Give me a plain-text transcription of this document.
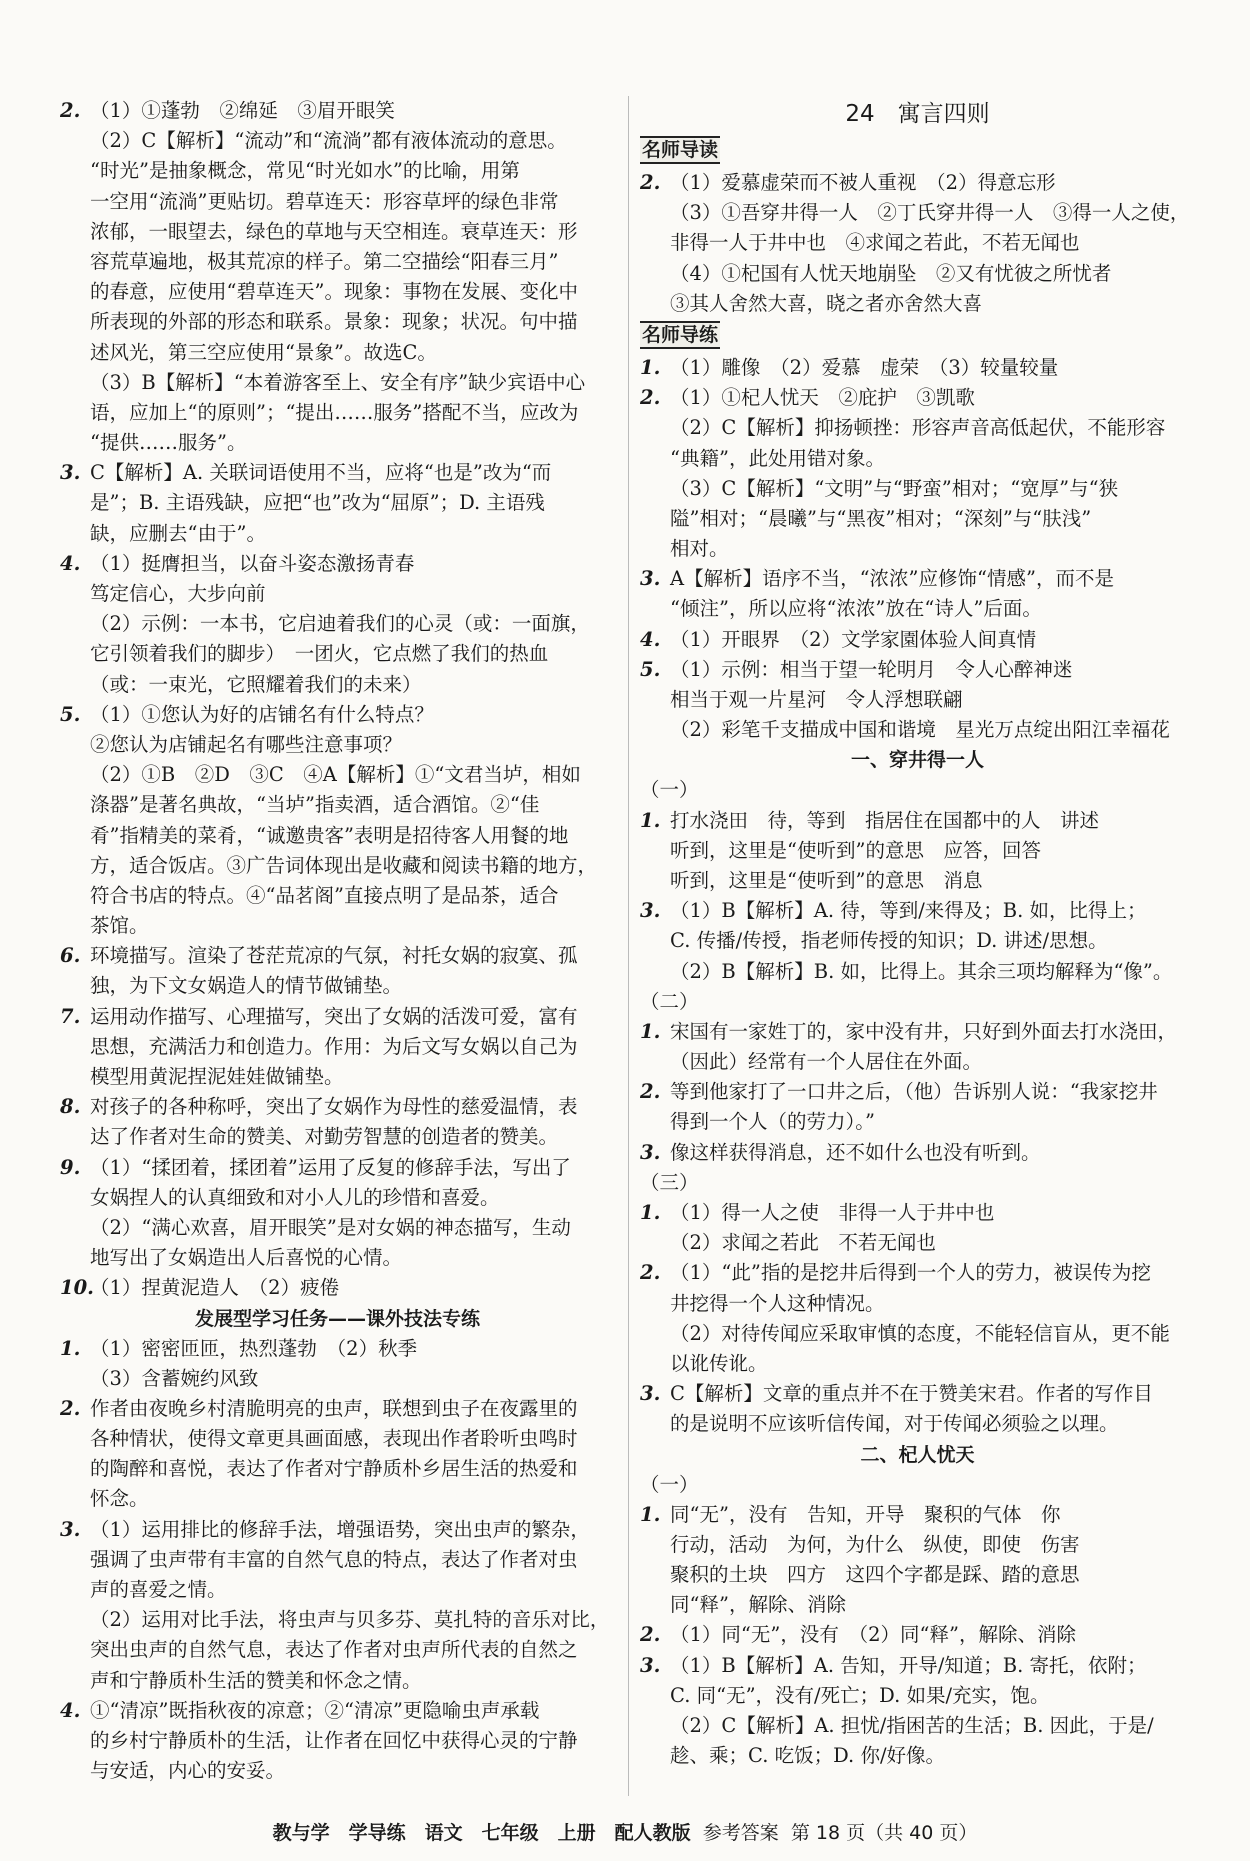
2. （1）①蓬勃　②绵延　③眉开眼笑
（2）C【解析】“流动”和“流淌”都有液体流动的意思。
“时光”是抽象概念，常见“时光如水”的比喻，用第
一空用“流淌”更贴切。碧草连天：形容草坪的绿色非常
浓郁，一眼望去，绿色的草地与天空相连。衰草连天：形
容荒草遍地，极其荒凉的样子。第二空描绘“阳春三月”
的春意，应使用“碧草连天”。现象：事物在发展、变化中
所表现的外部的形态和联系。景象：现象；状况。句中描
述风光，第三空应使用“景象”。故选C。
（3）B【解析】“本着游客至上、安全有序”缺少宾语中心
语，应加上“的原则”；“提出……服务”搭配不当，应改为
“提供……服务”。
3. C【解析】A. 关联词语使用不当，应将“也是”改为“而
是”；B. 主语残缺，应把“也”改为“屈原”；D. 主语残
缺，应删去“由于”。
4. （1）挺膺担当，以奋斗姿态激扬青春
笃定信心，大步向前
（2）示例：一本书，它启迪着我们的心灵（或：一面旗，
它引领着我们的脚步）　一团火，它点燃了我们的热血
（或：一束光，它照耀着我们的未来）
5. （1）①您认为好的店铺名有什么特点？
②您认为店铺起名有哪些注意事项？
（2）①B　②D　③C　④A【解析】①“文君当垆，相如
涤器”是著名典故，“当垆”指卖酒，适合酒馆。②“佳
肴”指精美的菜肴，“诚邀贵客”表明是招待客人用餐的地
方，适合饭店。③广告词体现出是收藏和阅读书籍的地方，
符合书店的特点。④“品茗阁”直接点明了是品茶，适合
茶馆。
6. 环境描写。渲染了苍茫荒凉的气氛，衬托女娲的寂寞、孤
独，为下文女娲造人的情节做铺垫。
7. 运用动作描写、心理描写，突出了女娲的活泼可爱，富有
思想，充满活力和创造力。作用：为后文写女娲以自己为
模型用黄泥捏泥娃娃做铺垫。
8. 对孩子的各种称呼，突出了女娲作为母性的慈爱温情，表
达了作者对生命的赞美、对勤劳智慧的创造者的赞美。
9. （1）“揉团着，揉团着”运用了反复的修辞手法，写出了
女娲捏人的认真细致和对小人儿的珍惜和喜爱。
（2）“满心欢喜，眉开眼笑”是对女娲的神态描写，生动
地写出了女娲造出人后喜悦的心情。
10.（1）捏黄泥造人　（2）疲倦
发展型学习任务——课外技法专练
1. （1）密密匝匝，热烈蓬勃　（2）秋季
（3）含蓄婉约风致
2. 作者由夜晚乡村清脆明亮的虫声，联想到虫子在夜露里的
各种情状，使得文章更具画面感，表现出作者聆听虫鸣时
的陶醉和喜悦，表达了作者对宁静质朴乡居生活的热爱和
怀念。
3. （1）运用排比的修辞手法，增强语势，突出虫声的繁杂，
强调了虫声带有丰富的自然气息的特点，表达了作者对虫
声的喜爱之情。
（2）运用对比手法，将虫声与贝多芬、莫扎特的音乐对比，
突出虫声的自然气息，表达了作者对虫声所代表的自然之
声和宁静质朴生活的赞美和怀念之情。
4. ①“清凉”既指秋夜的凉意；②“清凉”更隐喻虫声承载
的乡村宁静质朴的生活，让作者在回忆中获得心灵的宁静
与安适，内心的安妥。
24　寓言四则
名师导读
2. （1）爱慕虚荣而不被人重视　（2）得意忘形
（3）①吾穿井得一人　②丁氏穿井得一人　③得一人之使，
非得一人于井中也　④求闻之若此，不若无闻也
（4）①杞国有人忧天地崩坠　②又有忧彼之所忧者
③其人舍然大喜，晓之者亦舍然大喜
名师导练
1. （1）雕像　（2）爱慕　虚荣　（3）较量较量
2. （1）①杞人忧天　②庇护　③凯歌
（2）C【解析】抑扬顿挫：形容声音高低起伏，不能形容
“典籍”，此处用错对象。
（3）C【解析】“文明”与“野蛮”相对；“宽厚”与“狭
隘”相对；“晨曦”与“黑夜”相对；“深刻”与“肤浅”
相对。
3. A【解析】语序不当，“浓浓”应修饰“情感”，而不是
“倾注”，所以应将“浓浓”放在“诗人”后面。
4. （1）开眼界　（2）文学家園体验人间真情
5. （1）示例：相当于望一轮明月　令人心醉神迷
相当于观一片星河　令人浮想联翩
（2）彩笔千支描成中国和谐境　星光万点绽出阳江幸福花
一、穿井得一人
（一）
1. 打水浇田　待，等到　指居住在国都中的人　讲述
听到，这里是“使听到”的意思　应答，回答
听到，这里是“使听到”的意思　消息
3. （1）B【解析】A. 待，等到/来得及；B. 如，比得上；
C. 传播/传授，指老师传授的知识；D. 讲述/思想。
（2）B【解析】B. 如，比得上。其余三项均解释为“像”。
（二）
1. 宋国有一家姓丁的，家中没有井，只好到外面去打水浇田，
（因此）经常有一个人居住在外面。
2. 等到他家打了一口井之后，（他）告诉别人说：“我家挖井
得到一个人（的劳力）。”
3. 像这样获得消息，还不如什么也没有听到。
（三）
1. （1）得一人之使　非得一人于井中也
（2）求闻之若此　不若无闻也
2. （1）“此”指的是挖井后得到一个人的劳力，被误传为挖
井挖得一个人这种情况。
（2）对待传闻应采取审慎的态度，不能轻信盲从，更不能
以讹传讹。
3. C【解析】文章的重点并不在于赞美宋君。作者的写作目
的是说明不应该听信传闻，对于传闻必须验之以理。
二、杞人忧天
（一）
1. 同“无”，没有　告知，开导　聚积的气体　你
行动，活动　为何，为什么　纵使，即使　伤害
聚积的土块　四方　这四个字都是踩、踏的意思
同“释”，解除、消除
2. （1）同“无”，没有　（2）同“释”，解除、消除
3. （1）B【解析】A. 告知，开导/知道；B. 寄托，依附；
C. 同“无”，没有/死亡；D. 如果/充实，饱。
（2）C【解析】A. 担忧/指困苦的生活；B. 因此，于是/
趁、乘；C. 吃饭；D. 你/好像。
教与学　学导练　语文　七年级　上册　配人教版 参考答案 第 18 页（共 40 页）
